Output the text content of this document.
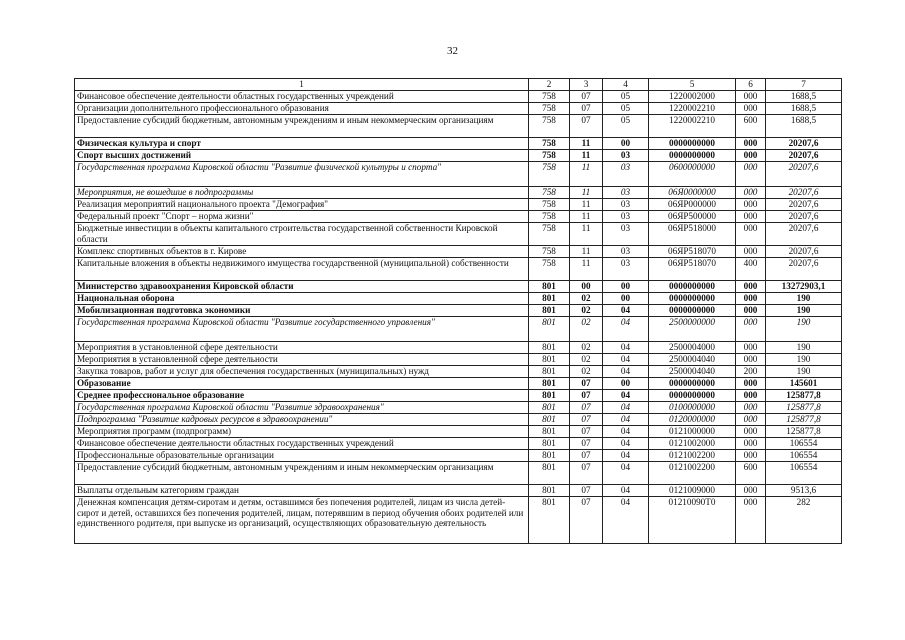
32
1	2	3	4	5	6	7
Финансовое обеспечение деятельности областных государственных учреждений	758	07	05	1220002000	000	1688,5
Организации дополнительного профессионального образования	758	07	05	1220002210	000	1688,5
Предоставление субсидий бюджетным, автономным учреждениям и иным некоммерческим организациям	758	07	05	1220002210	600	1688,5
Физическая культура и спорт	758	11	00	0000000000	000	20207,6
Спорт высших достижений	758	11	03	0000000000	000	20207,6
Государственная программа Кировской области "Развитие физической культуры и спорта"	758	11	03	0600000000	000	20207,6
Мероприятия, не вошедшие в подпрограммы	758	11	03	06Я0000000	000	20207,6
Реализация мероприятий национального проекта "Демография"	758	11	03	06ЯP000000	000	20207,6
Федеральный проект "Спорт – норма жизни"	758	11	03	06ЯP500000	000	20207,6
Бюджетные инвестиции в объекты капитального строительства государственной собственности Кировской области	758	11	03	06ЯP518000	000	20207,6
Комплекс спортивных объектов в г. Кирове	758	11	03	06ЯP518070	000	20207,6
Капитальные вложения в объекты недвижимого имущества государственной (муниципальной) собственности	758	11	03	06ЯP518070	400	20207,6
Министерство здравоохранения Кировской области	801	00	00	0000000000	000	13272903,1
Национальная оборона	801	02	00	0000000000	000	190
Мобилизационная подготовка экономики	801	02	04	0000000000	000	190
Государственная программа Кировской области "Развитие государственного управления"	801	02	04	2500000000	000	190
Мероприятия в установленной сфере деятельности	801	02	04	2500004000	000	190
Мероприятия в установленной сфере деятельности	801	02	04	2500004040	000	190
Закупка товаров, работ и услуг для обеспечения государственных (муниципальных) нужд	801	02	04	2500004040	200	190
Образование	801	07	00	0000000000	000	145601
Среднее профессиональное образование	801	07	04	0000000000	000	125877,8
Государственная программа Кировской области "Развитие здравоохранения"	801	07	04	0100000000	000	125877,8
Подпрограмма "Развитие кадровых ресурсов в здравоохранении"	801	07	04	0120000000	000	125877,8
Мероприятия программ (подпрограмм)	801	07	04	0121000000	000	125877,8
Финансовое обеспечение деятельности областных государственных учреждений	801	07	04	0121002000	000	106554
Профессиональные образовательные организации	801	07	04	0121002200	000	106554
Предоставление субсидий бюджетным, автономным учреждениям и иным некоммерческим организациям	801	07	04	0121002200	600	106554
Выплаты отдельным категориям граждан	801	07	04	0121009000	000	9513,6
Денежная компенсация детям-сиротам и детям, оставшимся без попечения родителей, лицам из числа детей-сирот и детей, оставшихся без попечения родителей, лицам, потерявшим в период обучения обоих родителей или единственного родителя, при выпуске из организаций, осуществляющих образовательную деятельность	801	07	04	01210090Т0	000	282
